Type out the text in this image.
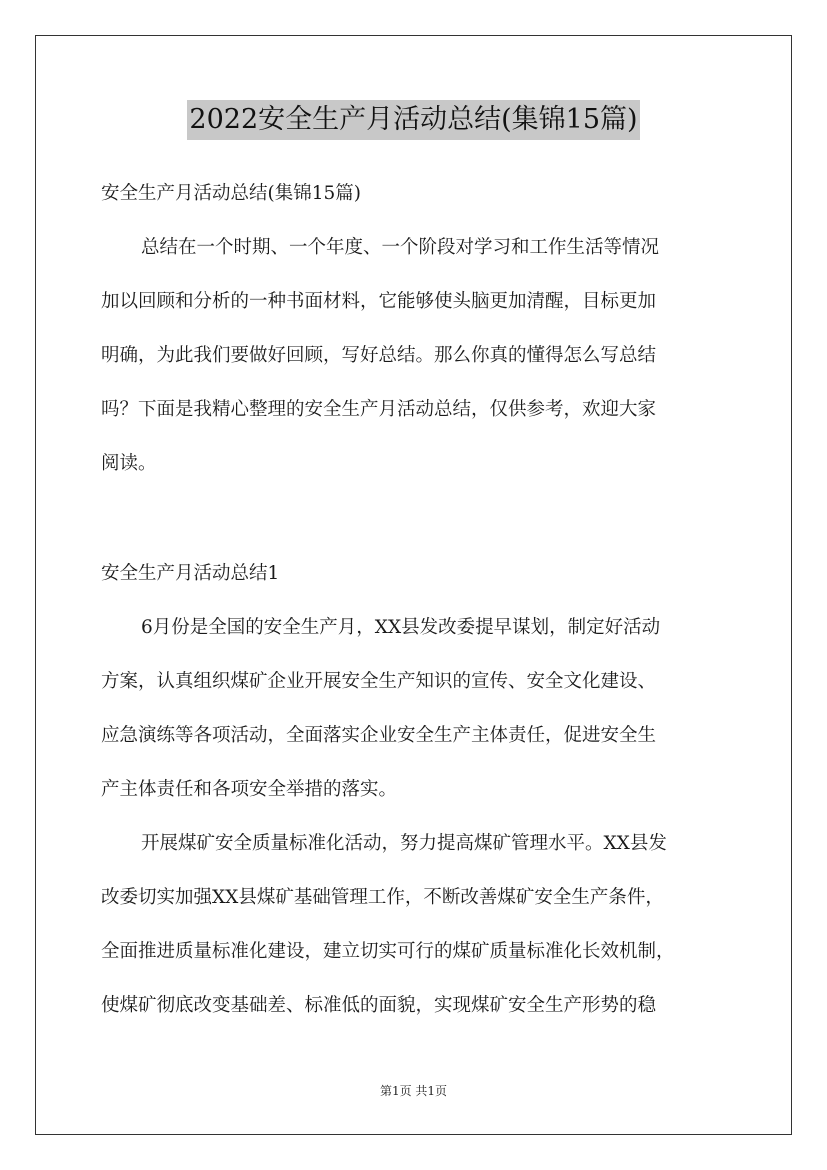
2022安全生产月活动总结(集锦15篇)
安全生产月活动总结(集锦15篇)
总结在一个时期、一个年度、一个阶段对学习和工作生活等情况
加以回顾和分析的一种书面材料，它能够使头脑更加清醒，目标更加
明确，为此我们要做好回顾，写好总结。那么你真的懂得怎么写总结
吗？下面是我精心整理的安全生产月活动总结，仅供参考，欢迎大家
阅读。
安全生产月活动总结1
6月份是全国的安全生产月，XX县发改委提早谋划，制定好活动
方案，认真组织煤矿企业开展安全生产知识的宣传、安全文化建设、
应急演练等各项活动，全面落实企业安全生产主体责任，促进安全生
产主体责任和各项安全举措的落实。
开展煤矿安全质量标准化活动，努力提高煤矿管理水平。XX县发
改委切实加强XX县煤矿基础管理工作，不断改善煤矿安全生产条件，
全面推进质量标准化建设，建立切实可行的煤矿质量标准化长效机制，
使煤矿彻底改变基础差、标准低的面貌，实现煤矿安全生产形势的稳
第1页 共1页
